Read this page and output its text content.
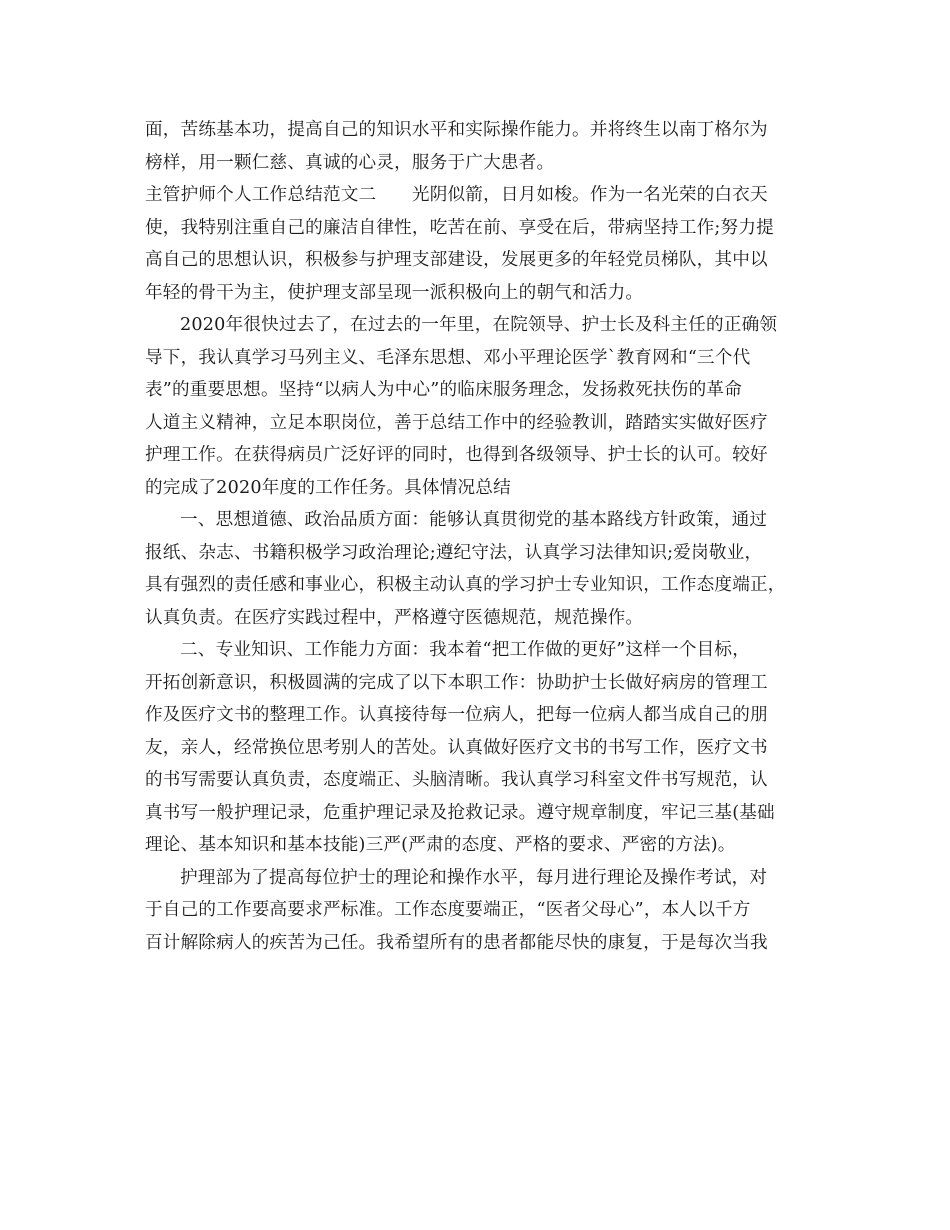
面，苦练基本功，提高自己的知识水平和实际操作能力。并将终生以南丁格尔为
榜样，用一颗仁慈、真诚的心灵，服务于广大患者。
主管护师个人工作总结范文二　　光阴似箭，日月如梭。作为一名光荣的白衣天
使，我特别注重自己的廉洁自律性，吃苦在前、享受在后，带病坚持工作;努力提
高自己的思想认识，积极参与护理支部建设，发展更多的年轻党员梯队，其中以
年轻的骨干为主，使护理支部呈现一派积极向上的朝气和活力。
2020年很快过去了，在过去的一年里，在院领导、护士长及科主任的正确领
导下，我认真学习马列主义、毛泽东思想、邓小平理论医学`教育网和“三个代
表”的重要思想。坚持“以病人为中心”的临床服务理念，发扬救死扶伤的革命
人道主义精神，立足本职岗位，善于总结工作中的经验教训，踏踏实实做好医疗
护理工作。在获得病员广泛好评的同时，也得到各级领导、护士长的认可。较好
的完成了2020年度的工作任务。具体情况总结
一、思想道德、政治品质方面：能够认真贯彻党的基本路线方针政策，通过
报纸、杂志、书籍积极学习政治理论;遵纪守法，认真学习法律知识;爱岗敬业，
具有强烈的责任感和事业心，积极主动认真的学习护士专业知识，工作态度端正，
认真负责。在医疗实践过程中，严格遵守医德规范，规范操作。
二、专业知识、工作能力方面：我本着“把工作做的更好”这样一个目标，
开拓创新意识，积极圆满的完成了以下本职工作：协助护士长做好病房的管理工
作及医疗文书的整理工作。认真接待每一位病人，把每一位病人都当成自己的朋
友，亲人，经常换位思考别人的苦处。认真做好医疗文书的书写工作，医疗文书
的书写需要认真负责，态度端正、头脑清晰。我认真学习科室文件书写规范，认
真书写一般护理记录，危重护理记录及抢救记录。遵守规章制度，牢记三基(基础
理论、基本知识和基本技能)三严(严肃的态度、严格的要求、严密的方法)。
护理部为了提高每位护士的理论和操作水平，每月进行理论及操作考试，对
于自己的工作要高要求严标准。工作态度要端正，“医者父母心”，本人以千方
百计解除病人的疾苦为己任。我希望所有的患者都能尽快的康复，于是每次当我
